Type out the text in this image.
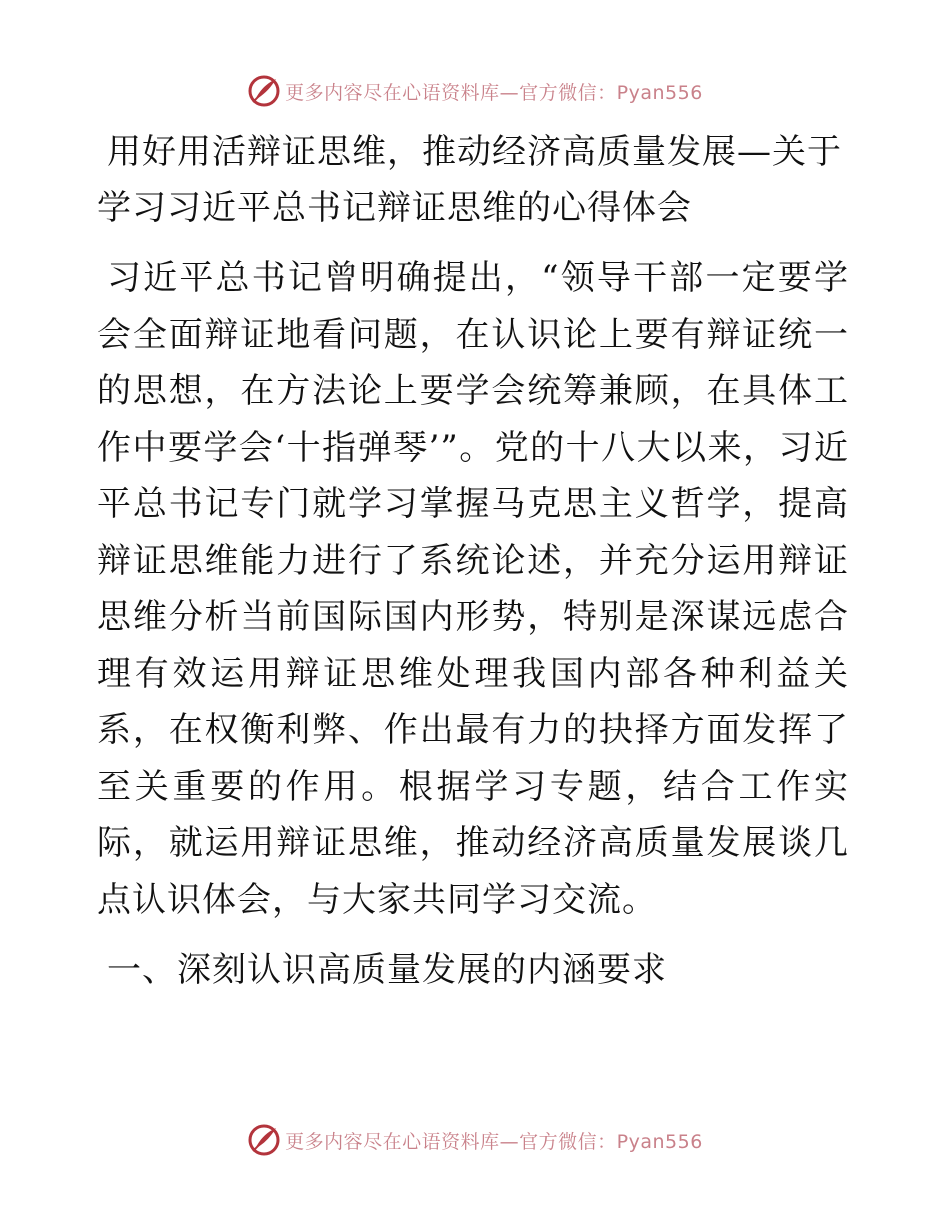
更多内容尽在心语资料库—官方微信：Pyan556
用好用活辩证思维，推动经济高质量发展—关于学习习近平总书记辩证思维的心得体会

习近平总书记曾明确提出，“领导干部一定要学会全面辩证地看问题，在认识论上要有辩证统一的思想，在方法论上要学会统筹兼顾，在具体工作中要学会‘十指弹琴’”。党的十八大以来，习近平总书记专门就学习掌握马克思主义哲学，提高辩证思维能力进行了系统论述，并充分运用辩证思维分析当前国际国内形势，特别是深谋远虑合理有效运用辩证思维处理我国内部各种利益关系，在权衡利弊、作出最有力的抉择方面发挥了至关重要的作用。根据学习专题，结合工作实际，就运用辩证思维，推动经济高质量发展谈几点认识体会，与大家共同学习交流。

一、深刻认识高质量发展的内涵要求
更多内容尽在心语资料库—官方微信：Pyan556
